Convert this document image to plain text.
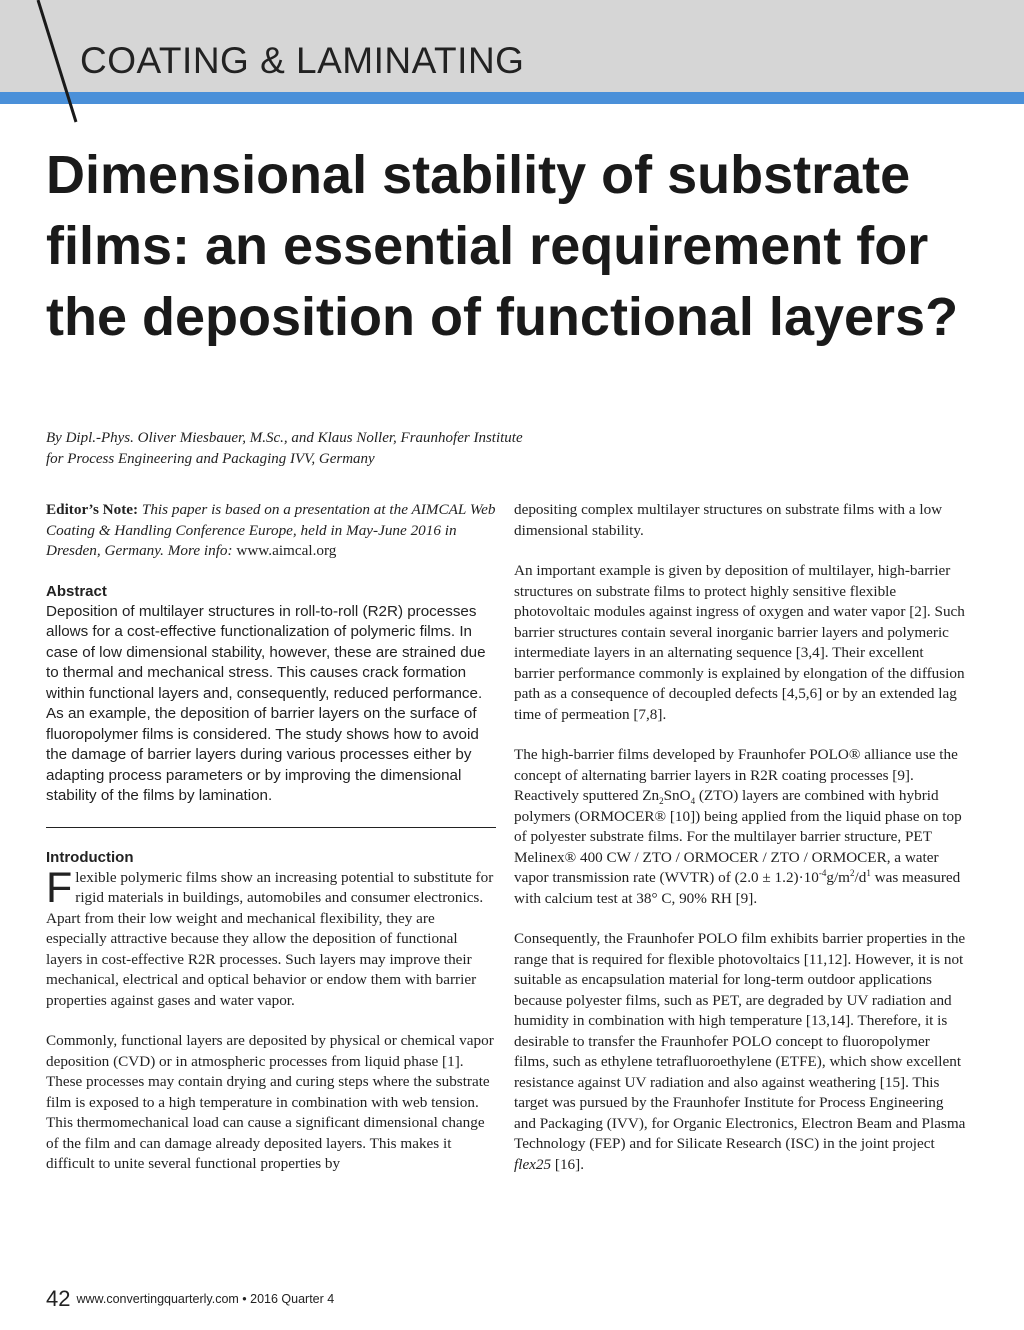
COATING & LAMINATING
Dimensional stability of substrate films: an essential requirement for the deposition of functional layers?
By Dipl.-Phys. Oliver Miesbauer, M.Sc., and Klaus Noller, Fraunhofer Institute
for Process Engineering and Packaging IVV, Germany

Editor’s Note: This paper is based on a presentation at the AIMCAL Web Coating & Handling Conference Europe, held in May-June 2016 in Dresden, Germany. More info: www.aimcal.org

Abstract

Deposition of multilayer structures in roll-to-roll (R2R) processes allows for a cost-effective functionalization of polymeric films. In case of low dimensional stability, however, these are strained due to thermal and mechanical stress. This causes crack formation within functional layers and, consequently, reduced performance. As an example, the deposition of barrier layers on the surface of fluoropolymer films is considered. The study shows how to avoid the damage of barrier layers during various processes either by adapting process parameters or by improving the dimensional stability of the films by lamination.

Introduction

Flexible polymeric films show an increasing potential to substitute for rigid materials in buildings, automobiles and consumer electronics. Apart from their low weight and mechanical flexibility, they are especially attractive because they allow the deposition of functional layers in cost-effective R2R processes. Such layers may improve their mechanical, electrical and optical behavior or endow them with barrier properties against gases and water vapor.

Commonly, functional layers are deposited by physical or chemical vapor deposition (CVD) or in atmospheric processes from liquid phase [1]. These processes may contain drying and curing steps where the substrate film is exposed to a high temperature in combination with web tension. This thermomechanical load can cause a significant dimensional change of the film and can damage already deposited layers. This makes it difficult to unite several functional properties by

depositing complex multilayer structures on substrate films with a low dimensional stability.

An important example is given by deposition of multilayer, high-barrier structures on substrate films to protect highly sensitive flexible photovoltaic modules against ingress of oxygen and water vapor [2]. Such barrier structures contain several inorganic barrier layers and polymeric intermediate layers in an alternating sequence [3,4]. Their excellent barrier performance commonly is explained by elongation of the diffusion path as a consequence of decoupled defects [4,5,6] or by an extended lag time of permeation [7,8].

The high-barrier films developed by Fraunhofer POLO® alliance use the concept of alternating barrier layers in R2R coating processes [9]. Reactively sputtered $Zn_2SnO_4$ (ZTO) layers are combined with hybrid polymers (ORMOCER® [10]) being applied from the liquid phase on top of polyester substrate films. For the multilayer barrier structure, PET Melinex® 400 CW / ZTO / ORMOCER / ZTO / ORMOCER, a water vapor transmission rate (WVTR) of $(2.0 \pm 1.2)\cdot 10^{-4}g/m^2/d^1$ was measured with calcium test at 38° C, 90% RH [9].

Consequently, the Fraunhofer POLO film exhibits barrier properties in the range that is required for flexible photovoltaics [11,12]. However, it is not suitable as encapsulation material for long-term outdoor applications because polyester films, such as PET, are degraded by UV radiation and humidity in combination with high temperature [13,14]. Therefore, it is desirable to transfer the Fraunhofer POLO concept to fluoropolymer films, such as ethylene tetrafluoroethylene (ETFE), which show excellent resistance against UV radiation and also against weathering [15]. This target was pursued by the Fraunhofer Institute for Process Engineering and Packaging (IVV), for Organic Electronics, Electron Beam and Plasma Technology (FEP) and for Silicate Research (ISC) in the joint project flex25 [16].

42 www.convertingquarterly.com • 2016 Quarter 4
